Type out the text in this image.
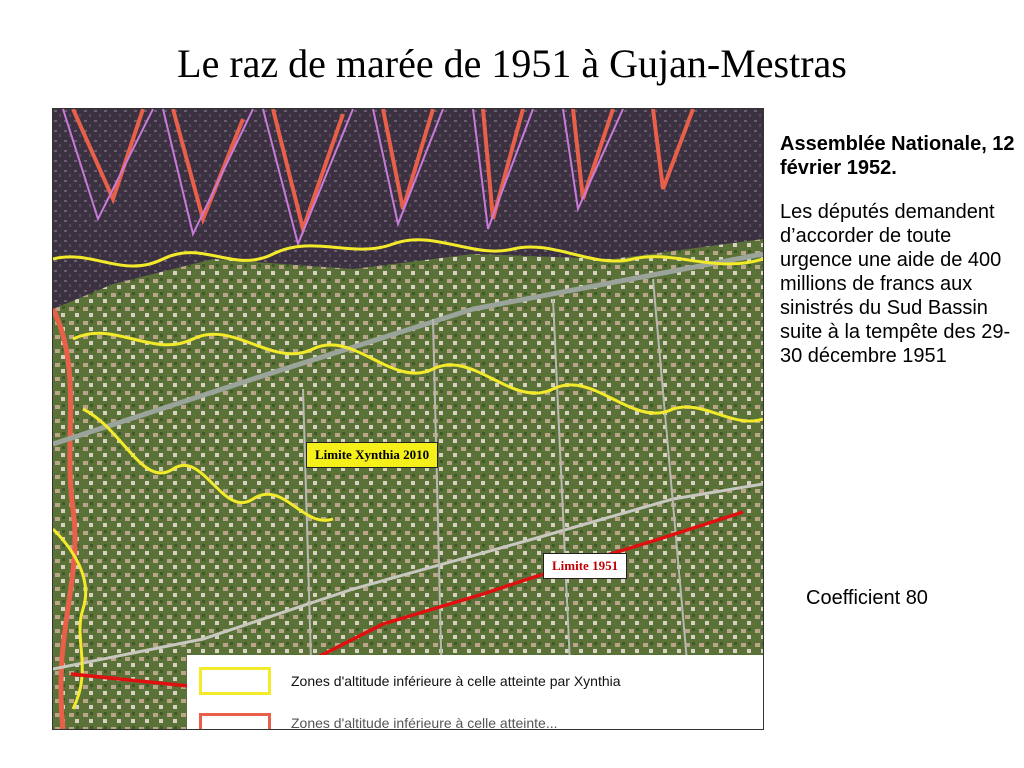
Le raz de marée de 1951 à Gujan-Mestras
Limite Xynthia 2010
Limite 1951
Zones d'altitude inférieure à celle atteinte par Xynthia
Zones d'altitude inférieure à celle atteinte...

Assemblée Nationale, 12 février 1952.

Les députés demandent d’accorder de toute urgence une aide de 400 millions de francs aux sinistrés du Sud Bassin suite à la tempête des 29-30 décembre 1951

Coefficient 80
